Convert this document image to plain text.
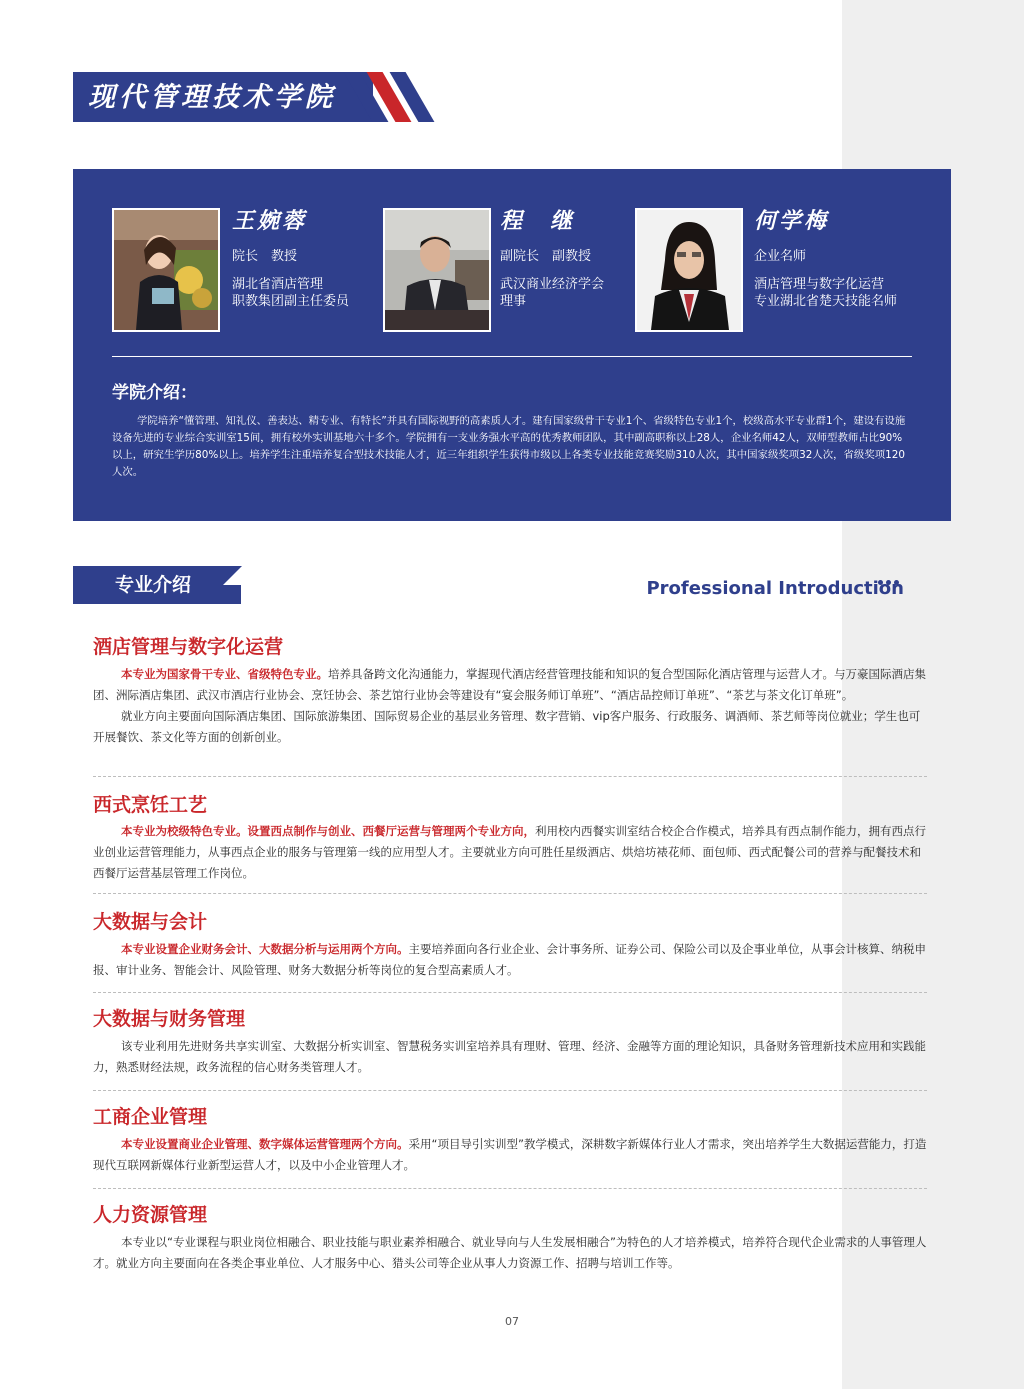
现代管理技术学院
王婉蓉
院长　教授
湖北省酒店管理
职教集团副主任委员
程　继
副院长　副教授
武汉商业经济学会
理事
何学梅
企业名师
酒店管理与数字化运营
专业湖北省楚天技能名师
学院介绍：
学院培养“懂管理、知礼仪、善表达、精专业、有特长”并具有国际视野的高素质人才。建有国家级骨干专业1个、省级特色专业1个，校级高水平专业群1个，建设有设施设备先进的专业综合实训室15间，拥有校外实训基地六十多个。学院拥有一支业务强水平高的优秀教师团队，其中副高职称以上28人，企业名师42人，双师型教师占比90%以上，研究生学历80%以上。培养学生注重培养复合型技术技能人才，近三年组织学生获得市级以上各类专业技能竞赛奖励310人次，其中国家级奖项32人次，省级奖项120人次。
专业介绍	Professional Introduction
酒店管理与数字化运营

本专业为国家骨干专业、省级特色专业。培养具备跨文化沟通能力，掌握现代酒店经营管理技能和知识的复合型国际化酒店管理与运营人才。与万豪国际酒店集团、洲际酒店集团、武汉市酒店行业协会、烹饪协会、茶艺馆行业协会等建设有“宴会服务师订单班”、“酒店品控师订单班”、“茶艺与茶文化订单班”。

就业方向主要面向国际酒店集团、国际旅游集团、国际贸易企业的基层业务管理、数字营销、vip客户服务、行政服务、调酒师、茶艺师等岗位就业；学生也可开展餐饮、茶文化等方面的创新创业。

西式烹饪工艺

本专业为校级特色专业。设置西点制作与创业、西餐厅运营与管理两个专业方向，利用校内西餐实训室结合校企合作模式，培养具有西点制作能力，拥有西点行业创业运营管理能力，从事西点企业的服务与管理第一线的应用型人才。主要就业方向可胜任星级酒店、烘焙坊裱花师、面包师、西式配餐公司的营养与配餐技术和西餐厅运营基层管理工作岗位。

大数据与会计

本专业设置企业财务会计、大数据分析与运用两个方向。主要培养面向各行业企业、会计事务所、证券公司、保险公司以及企事业单位，从事会计核算、纳税申报、审计业务、智能会计、风险管理、财务大数据分析等岗位的复合型高素质人才。

大数据与财务管理

该专业利用先进财务共享实训室、大数据分析实训室、智慧税务实训室培养具有理财、管理、经济、金融等方面的理论知识，具备财务管理新技术应用和实践能力，熟悉财经法规，政务流程的信心财务类管理人才。

工商企业管理

本专业设置商业企业管理、数字媒体运营管理两个方向。采用“项目导引实训型”教学模式，深耕数字新媒体行业人才需求，突出培养学生大数据运营能力，打造现代互联网新媒体行业新型运营人才，以及中小企业管理人才。

人力资源管理

本专业以“专业课程与职业岗位相融合、职业技能与职业素养相融合、就业导向与人生发展相融合”为特色的人才培养模式，培养符合现代企业需求的人事管理人才。就业方向主要面向在各类企事业单位、人才服务中心、猎头公司等企业从事人力资源工作、招聘与培训工作等。

07
